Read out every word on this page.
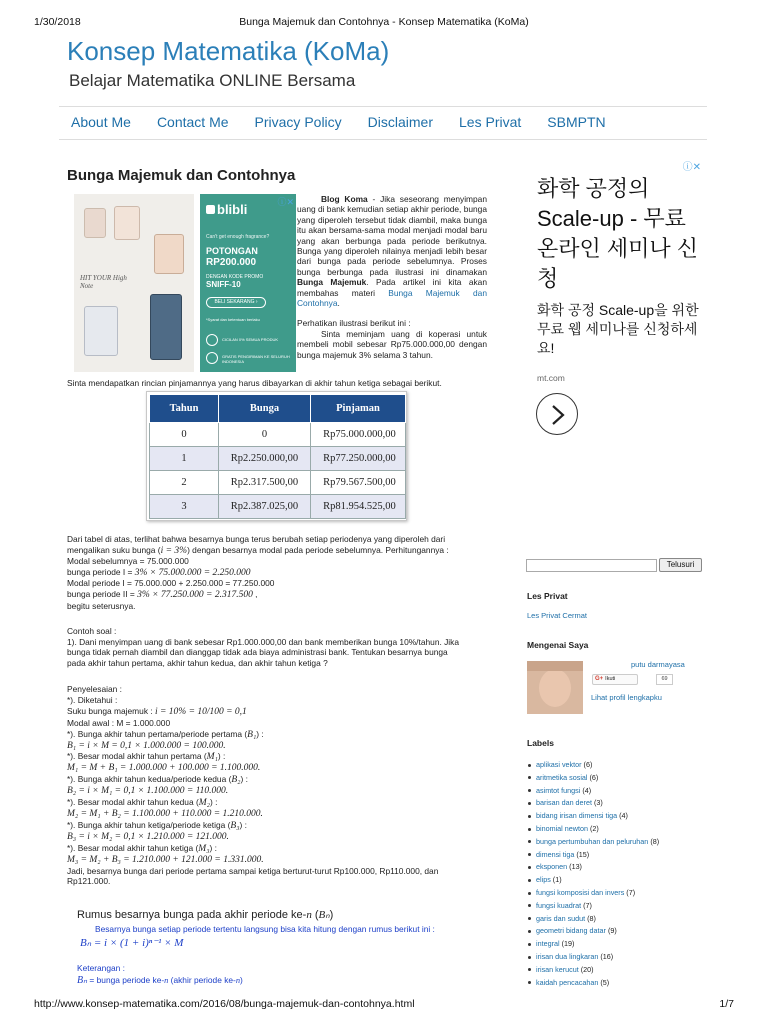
1/30/2018	Bunga Majemuk dan Contohnya - Konsep Matematika (KoMa)
Konsep Matematika (KoMa)
Belajar Matematika ONLINE Bersama
About Me Contact Me Privacy Policy Disclaimer Les Privat SBMPTN
Bunga Majemuk dan Contohnya
HIT YOUR High Note
blibli	ⓘ✕
Can't get enough fragrance?
POTONGAN
RP200.000
DENGAN KODE PROMO
SNIFF-10
BELI SEKARANG ›
*Syarat dan ketentuan berlaku
CICILAN 0% SEMUA PRODUK
GRATIS PENGIRIMAN KE SELURUH INDONESIA

Blog Koma - Jika seseorang menyimpan uang di bank kemudian setiap akhir periode, bunga yang diperoleh tersebut tidak diambil, maka bunga itu akan bersama-sama modal menjadi modal baru yang akan berbunga pada periode berikutnya. Bunga yang diperoleh nilainya menjadi lebih besar dari bunga pada periode sebelumnya. Proses bunga berbunga pada ilustrasi ini dinamakan Bunga Majemuk. Pada artikel ini kita akan membahas materi Bunga Majemuk dan Contohnya.

Perhatikan ilustrasi berikut ini :

Sinta meminjam uang di koperasi untuk membeli mobil sebesar Rp75.000.000,00 dengan bunga majemuk 3% selama 3 tahun.

Sinta mendapatkan rincian pinjamannya yang harus dibayarkan di akhir tahun ketiga sebagai berikut.
Tahun	Bunga	Pinjaman
0	0	Rp75.000.000,00
1	Rp2.250.000,00	Rp77.250.000,00
2	Rp2.317.500,00	Rp79.567.500,00
3	Rp2.387.025,00	Rp81.954.525,00
Dari tabel di atas, terlihat bahwa besarnya bunga terus berubah setiap periodenya yang diperoleh dari
mengalikan suku bunga (i = 3%) dengan besarnya modal pada periode sebelumnya. Perhitungannya :
Modal sebelumnya = 75.000.000
bunga periode I = 3% × 75.000.000 = 2.250.000
Modal periode I = 75.000.000 + 2.250.000 = 77.250.000
bunga periode II = 3% × 77.250.000 = 2.317.500 ,
begitu seterusnya.
Contoh soal :
1). Dani menyimpan uang di bank sebesar Rp1.000.000,00 dan bank memberikan bunga 10%/tahun. Jika
bunga tidak pernah diambil dan dianggap tidak ada biaya administrasi bank. Tentukan besarnya bunga
pada akhir tahun pertama, akhir tahun kedua, dan akhir tahun ketiga ?
Penyelesaian :
*). Diketahui :
Suku bunga majemuk : i = 10% = 10/100 = 0,1
Modal awal : M = 1.000.000
*). Bunga akhir tahun pertama/periode pertama (B₁) :
B₁ = i × M = 0,1 × 1.000.000 = 100.000.
*). Besar modal akhir tahun pertama (M₁) :
M₁ = M + B₁ = 1.000.000 + 100.000 = 1.100.000.
*). Bunga akhir tahun kedua/periode kedua (B₂) :
B₂ = i × M₁ = 0,1 × 1.100.000 = 110.000.
*). Besar modal akhir tahun kedua (M₂) :
M₂ = M₁ + B₂ = 1.100.000 + 110.000 = 1.210.000.
*). Bunga akhir tahun ketiga/periode ketiga (B₃) :
B₃ = i × M₂ = 0,1 × 1.210.000 = 121.000.
*). Besar modal akhir tahun ketiga (M₃) :
M₃ = M₂ + B₃ = 1.210.000 + 121.000 = 1.331.000.
Jadi, besarnya bunga dari periode pertama sampai ketiga berturut-turut Rp100.000, Rp110.000, dan
Rp121.000.
Rumus besarnya bunga pada akhir periode ke-n (Bₙ)
Besarnya bunga setiap periode tertentu langsung bisa kita hitung dengan rumus berikut ini :
Bₙ = i × (1 + i)ⁿ⁻¹ × M
Keterangan :
Bₙ = bunga periode ke-n (akhir periode ke-n)
ⓘ✕
화학 공정의 Scale-up - 무료 온라인 세미나 신청
화학 공정 Scale-up을 위한 무료 웹 세미나를 신청하세요!
mt.com
Telusuri
Les Privat
Les Privat Cermat
Mengenai Saya
putu darmayasa
G+ Ikuti	69
Lihat profil lengkapku
Labels
aplikasi vektor (6)
aritmetika sosial (6)
asimtot fungsi (4)
barisan dan deret (3)
bidang irisan dimensi tiga (4)
binomial newton (2)
bunga pertumbuhan dan peluruhan (8)
dimensi tiga (15)
eksponen (13)
elips (1)
fungsi komposisi dan invers (7)
fungsi kuadrat (7)
garis dan sudut (8)
geometri bidang datar (9)
integral (19)
irisan dua lingkaran (16)
irisan kerucut (20)
kaidah pencacahan (5)
http://www.konsep-matematika.com/2016/08/bunga-majemuk-dan-contohnya.html	1/7
